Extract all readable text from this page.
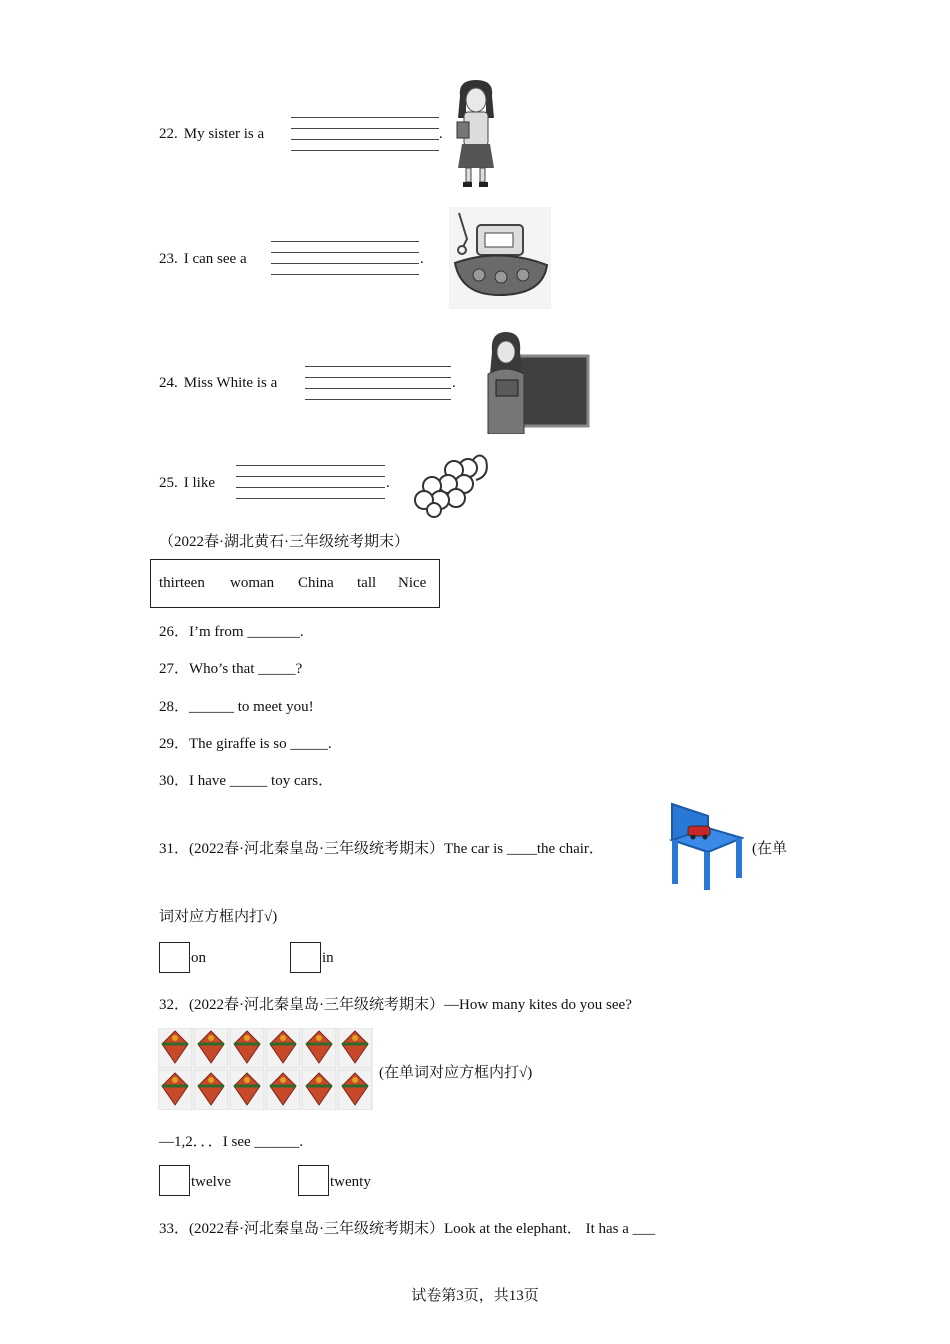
22. My sister is a	.
23. I can see a	.
24. Miss White is a	.
25. I like	.
（2022春·湖北黄石·三年级统考期末）
thirteen woman China tall Nice
26．I’m from _______.
27．Who’s that _____?
28．______ to meet you!
29．The giraffe is so _____.
30．I have _____ toy cars．
31．(2022春·河北秦皇岛·三年级统考期末）The car is ____the chair．	(在单
词对应方框内打√)
on	in
32．(2022春·河北秦皇岛·三年级统考期末）—How many kites do you see?
(在单词对应方框内打√)
—1,2．．．I see ______.
twelve	twenty
33．(2022春·河北秦皇岛·三年级统考期末）Look at the elephant． It has a ___
试卷第3页，共13页
